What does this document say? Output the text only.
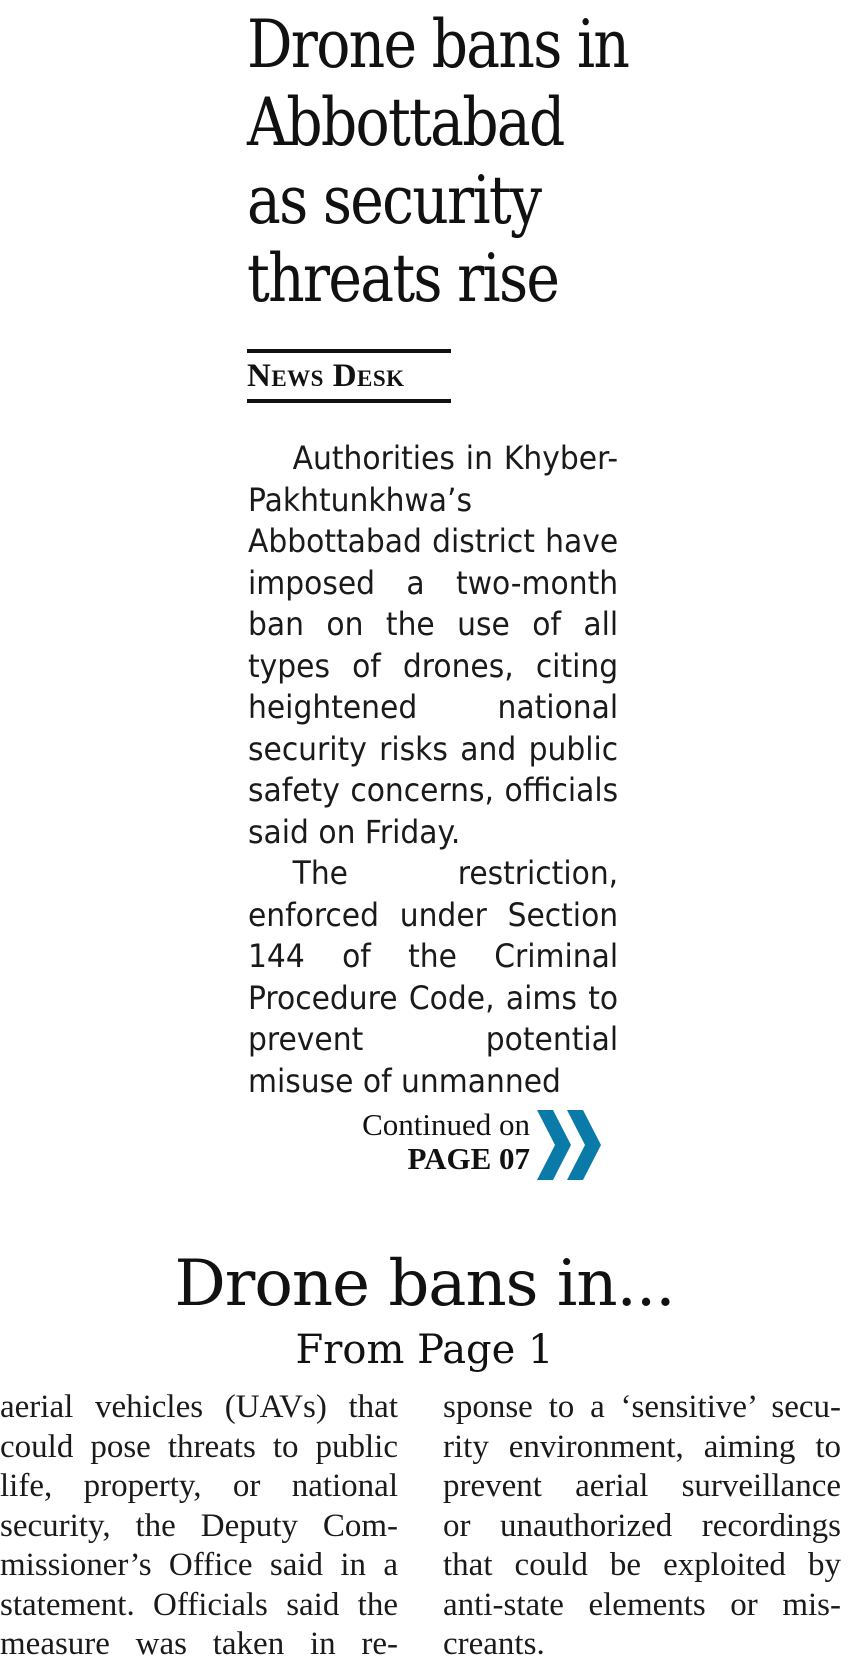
Drone bans in
Abbottabad
as security
threats rise
News Desk

Authorities in Khyber-Pakhtunkhwa’s Abbottabad district have imposed a two-month ban on the use of all types of drones, citing heightened national security risks and public safety concerns, officials said on Friday.

The restriction, enforced under Section 144 of the Criminal Procedure Code, aims to prevent potential misuse of unmanned

Continued on
PAGE 07
Drone bans in...
From Page 1
aerial vehicles (UAVs) that
could pose threats to public
life, property, or national
security, the Deputy Com-
missioner’s Office said in a
statement. Officials said the
measure was taken in re-
sponse to a ‘sensitive’ secu-
rity environment, aiming to
prevent aerial surveillance
or unauthorized recordings
that could be exploited by
anti-state elements or mis-
creants.
